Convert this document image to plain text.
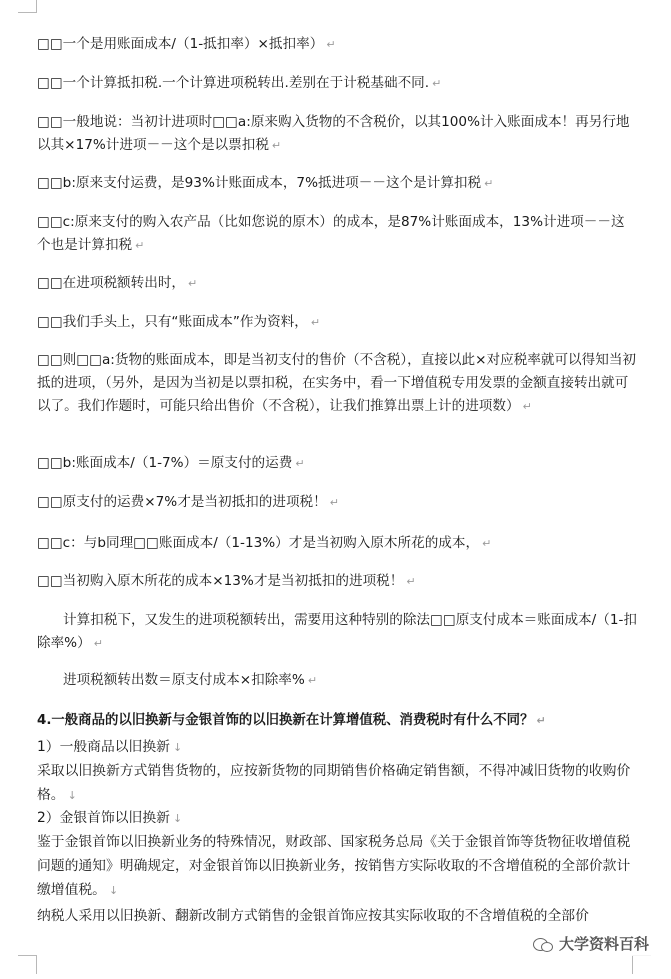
□□一个是用账面成本/（1-抵扣率）×抵扣率） ↵
□□一个计算抵扣税.一个计算进项税转出.差别在于计税基础不同. ↵
□□一般地说：当初计进项时□□a:原来购入货物的不含税价，以其100%计入账面成本！再另行地以其×17%计进项－－这个是以票扣税 ↵
□□b:原来支付运费，是93%计账面成本，7%抵进项－－这个是计算扣税 ↵
□□c:原来支付的购入农产品（比如您说的原木）的成本，是87%计账面成本，13%计进项－－这个也是计算扣税 ↵
□□在进项税额转出时， ↵
□□我们手头上，只有“账面成本”作为资料， ↵
□□则□□a:货物的账面成本，即是当初支付的售价（不含税），直接以此×对应税率就可以得知当初抵的进项，（另外，是因为当初是以票扣税，在实务中，看一下增值税专用发票的金额直接转出就可以了。我们作题时，可能只给出售价（不含税），让我们推算出票上计的进项数） ↵
□□b:账面成本/（1-7%）＝原支付的运费 ↵
□□原支付的运费×7%才是当初抵扣的进项税！ ↵
□□c：与b同理□□账面成本/（1-13%）才是当初购入原木所花的成本， ↵
□□当初购入原木所花的成本×13%才是当初抵扣的进项税！ ↵
计算扣税下，又发生的进项税额转出，需要用这种特别的除法□□原支付成本＝账面成本/（1-扣除率%） ↵
进项税额转出数＝原支付成本×扣除率% ↵
4.一般商品的以旧换新与金银首饰的以旧换新在计算增值税、消费税时有什么不同？ ↵
1）一般商品以旧换新 ↓
采取以旧换新方式销售货物的，应按新货物的同期销售价格确定销售额，不得冲减旧货物的收购价格。 ↓
2）金银首饰以旧换新 ↓
鉴于金银首饰以旧换新业务的特殊情况，财政部、国家税务总局《关于金银首饰等货物征收增值税问题的通知》明确规定，对金银首饰以旧换新业务，按销售方实际收取的不含增值税的全部价款计缴增值税。 ↓
纳税人采用以旧换新、翻新改制方式销售的金银首饰应按其实际收取的不含增值税的全部价
大学资料百科
